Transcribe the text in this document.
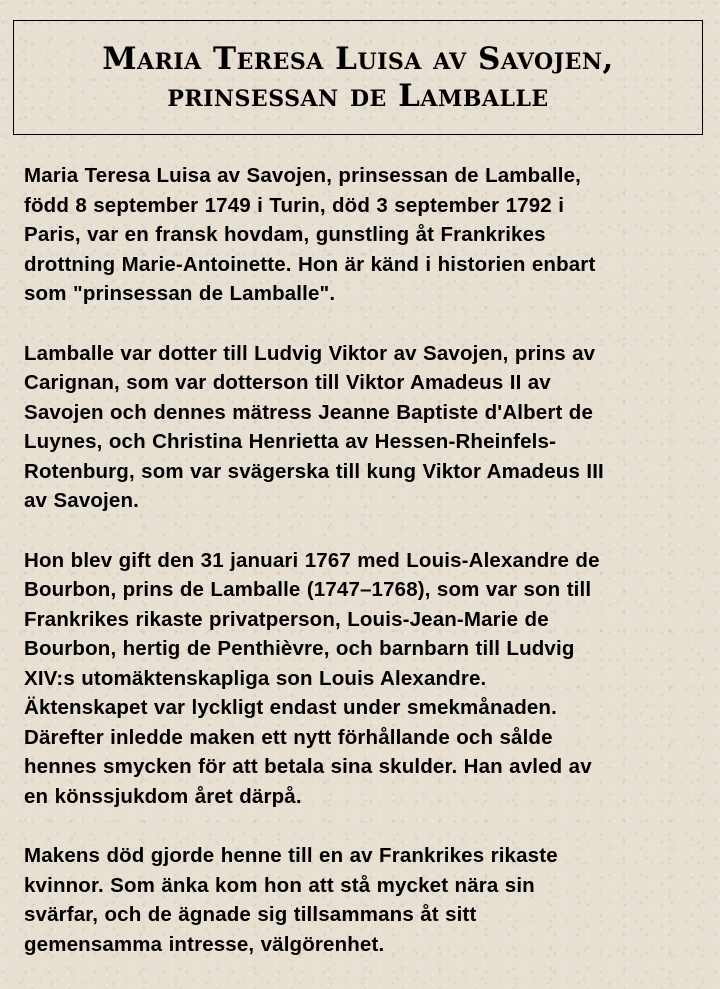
Maria Teresa Luisa av Savojen,
prinsessan de Lamballe

Maria Teresa Luisa av Savojen, prinsessan de Lamballe,
född 8 september 1749 i Turin, död 3 september 1792 i
Paris, var en fransk hovdam, gunstling åt Frankrikes
drottning Marie-Antoinette. Hon är känd i historien enbart
som "prinsessan de Lamballe".

Lamballe var dotter till Ludvig Viktor av Savojen, prins av
Carignan, som var dotterson till Viktor Amadeus II av
Savojen och dennes mätress Jeanne Baptiste d'Albert de
Luynes, och Christina Henrietta av Hessen-Rheinfels-
Rotenburg, som var svägerska till kung Viktor Amadeus III
av Savojen.

Hon blev gift den 31 januari 1767 med Louis-Alexandre de
Bourbon, prins de Lamballe (1747–1768), som var son till
Frankrikes rikaste privatperson, Louis-Jean-Marie de
Bourbon, hertig de Penthièvre, och barnbarn till Ludvig
XIV:s utomäktenskapliga son Louis Alexandre.
Äktenskapet var lyckligt endast under smekmånaden.
Därefter inledde maken ett nytt förhållande och sålde
hennes smycken för att betala sina skulder. Han avled av
en könssjukdom året därpå.

Makens död gjorde henne till en av Frankrikes rikaste
kvinnor. Som änka kom hon att stå mycket nära sin
svärfar, och de ägnade sig tillsammans åt sitt
gemensamma intresse, välgörenhet.
